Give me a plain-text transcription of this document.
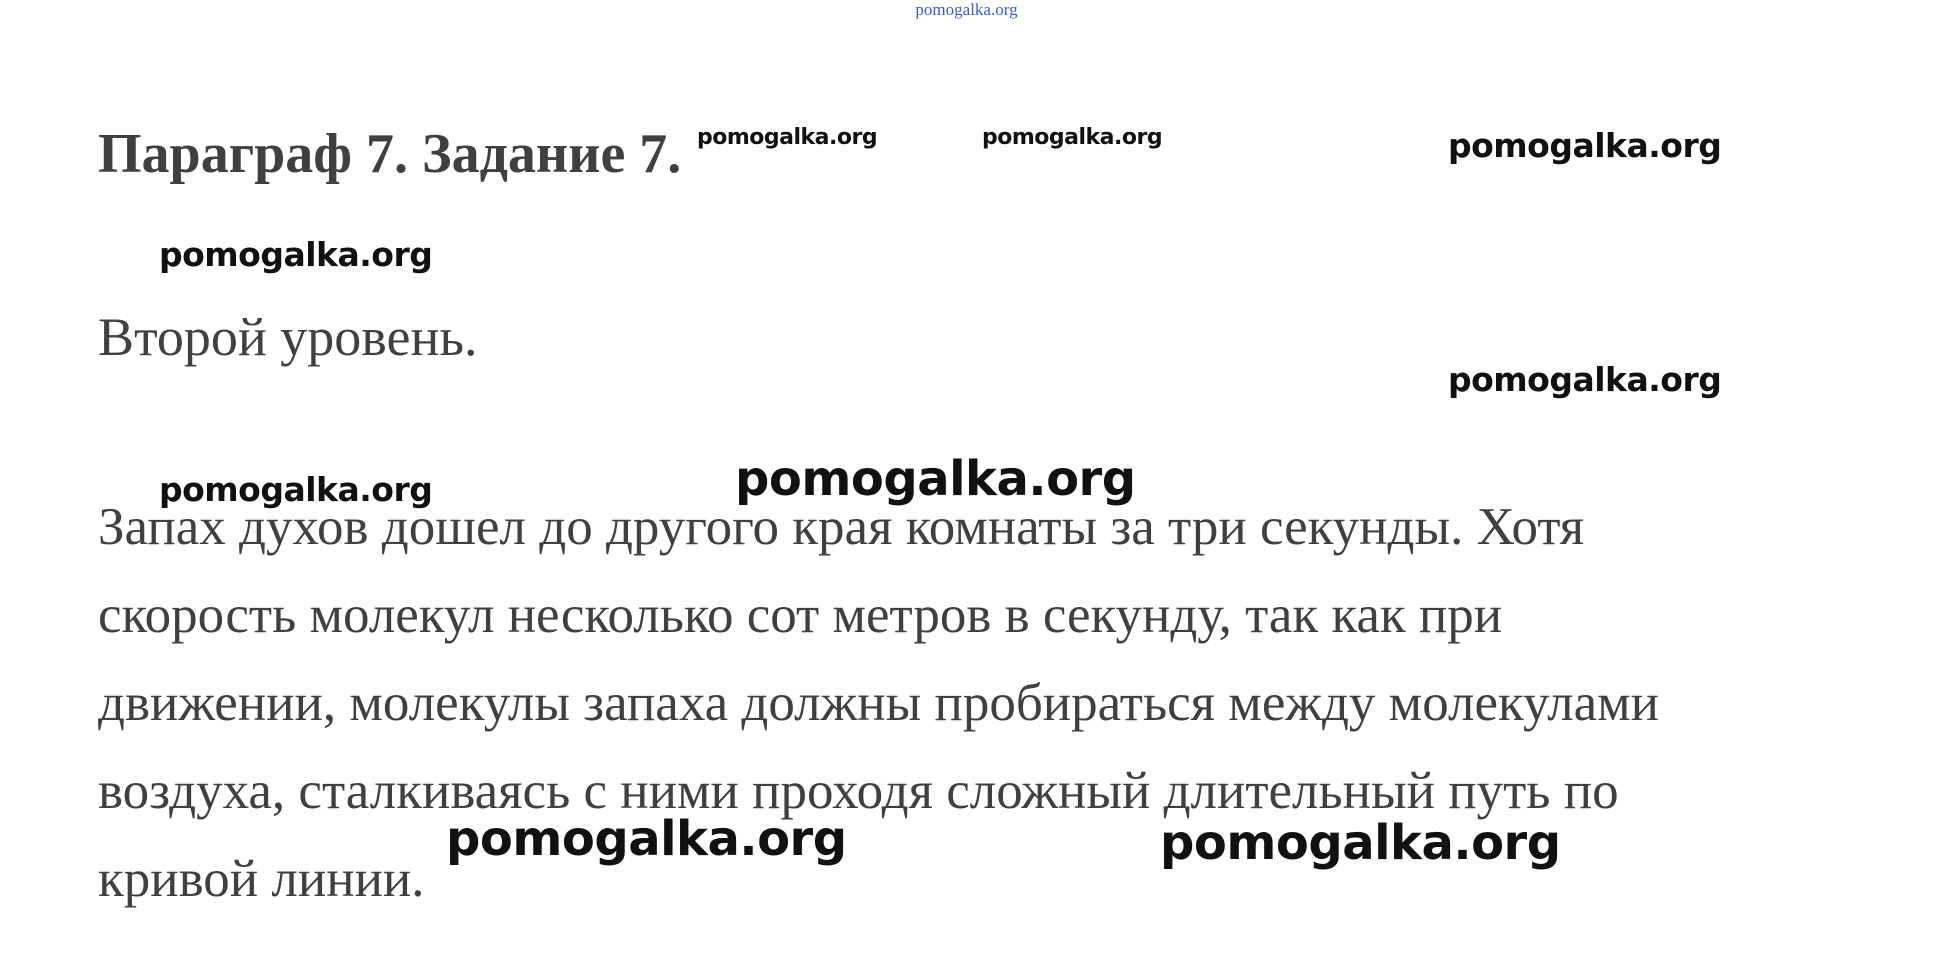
pomogalka.org
Параграф 7. Задание 7.
Второй уровень.
Запах духов дошел до другого края комнаты за три секунды. Хотя
скорость молекул несколько сот метров в секунду, так как при
движении, молекулы запаха должны пробираться между молекулами
воздуха, сталкиваясь с ними проходя сложный длительный путь по
кривой линии.
pomogalka.org	pomogalka.org	pomogalka.org
pomogalka.org
pomogalka.org
pomogalka.org	pomogalka.org
pomogalka.org	pomogalka.org
